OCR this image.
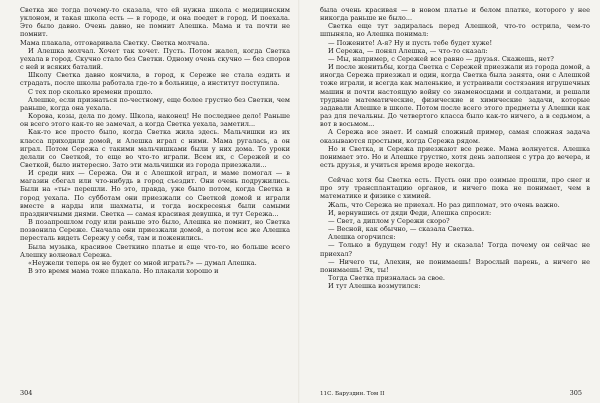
Светка же тогда почему-то сказала, что ей нужна школа с медицинским уклоном, и такая школа есть — в городе, и она поедет в город. И поехала. Это было давно. Очень давно, не помнит Алешка. Мама и та почти не помнит.

Мама плакала, отговаривала Светку. Светка молчала.

И Алешка молчал. Хочет так хочет. Пусть. Потом жалел, когда Светка уехала в город. Скучно стало без Светки. Одному очень скучно — без споров с ней и всяких баталий.

Школу Светка давно кончила, в город, к Сереже не стала ездить и страдать, после школы работала где-то в больнице, а институт поступила.

С тех пор сколько времени прошло.

Алешке, если признаться по-честному, еще более грустно без Светки, чем раньше, когда она уехала.

Корова, козы, дела по дому. Школа, наконец! Не последнее дело! Раньше он всего этого как-то не замечал, а когда Светка уехала, заметил...

Как-то все просто было, когда Светка жила здесь. Мальчишки из их класса приходили домой, и Алешка играл с ними. Мама ругалась, а он играл. Потом Сережа с такими мальчишками были у них дома. То уроки делали со Светкой, то еще во что-то играли. Всем их, с Сережей и со Светкой, было интересно. Зато эти мальчишки из города приезжали...

И среди них — Сережа. Он и с Алешкой играл, и маме помогал — в магазин сбегал или что-нибудь в город съездит. Они очень подружились. Были на «ты» перешли. Но это, правда, уже было потом, когда Светка в город уехала. По субботам они приезжали со Светкой домой и играли вместе в нарды или шахматы, и тогда воскресенья были самыми праздничными днями. Светка — самая красивая девушка, и тут Сережа...

В позапрошлом году или раньше это было, Алешка не помнит, но Светка позвонила Сереже. Сначала они приезжали домой, а потом все же Алешка пересталь видеть Сережу у себя, там и поженились.

Была музыка, красивое Светкино платье и еще что-то, но больше всего Алешку волновал Сережа.

«Неужели теперь он не будет со мной играть?» — думал Алешка.

В это время мама тоже плакала. Но плакали хорошо и

была очень красивая — в новом платье и белом платке, которого у нее никогда раньше не было...

Светка еще тут задиралась перед Алешкой, что-то острила, чем-то шпыняла, но Алешка понимал:

— Пожените! А-я? Ну и пусть тебе будет хуже!

И Сережа, — понял Алешка, — что-то сказал:

— Мы, например, с Сережей все равно — друзья. Скажешь, нет?

И после женитьбы, когда Светка с Сережей приезжали из города домой, а иногда Сережа приезжал и один, когда Светка была занята, они с Алешкой тоже играли, и всегда как маленькие, и устраивали состязания игрушечных машин и почти настоящую войну со знаменосцами и солдатами, и решали трудные математические, физические и химические задачи, которые задавали Алешке в школе. Потом после всего этого предметы у Алешки как раз для печальны. До четвертого класса было как-то ничего, а в седьмом, а вот в восьмом...

А Сережа все знает. И самый сложный пример, самая сложная задача оказываются простыми, когда Сережа рядом.

Но и Светка, и Сережа приезжают все реже. Мама волнуется. Алешка понимает это. Но и Алешке грустно, хотя день заполнен с утра до вечера, и есть друзья, и учиться время вроде некогда.

Сейчас хотя бы Светка есть. Пусть они про озимые прошли, про снег и про эту трансплантацию органов, и ничего пока не понимает, чем в математике и физике с химией.

Жаль, что Сережа не приехал. Но раз дипломат, это очень важно.

И, вернувшись от дяди Феди, Алешка спросил:

— Свет, а диплом у Сережи скоро?

— Весной, как обычно, — сказала Светка.

Алешка огорчился:

— Только в будущем году! Ну и сказала! Тогда почему он сейчас не приехал?

— Ничего ты, Алехин, не понимаешь! Взрослый парень, а ничего не понимаешь! Эх, ты!

Тогда Светка призналась за свое.

И тут Алешка возмутился:

304	11С. Баруздин. Том II	305
